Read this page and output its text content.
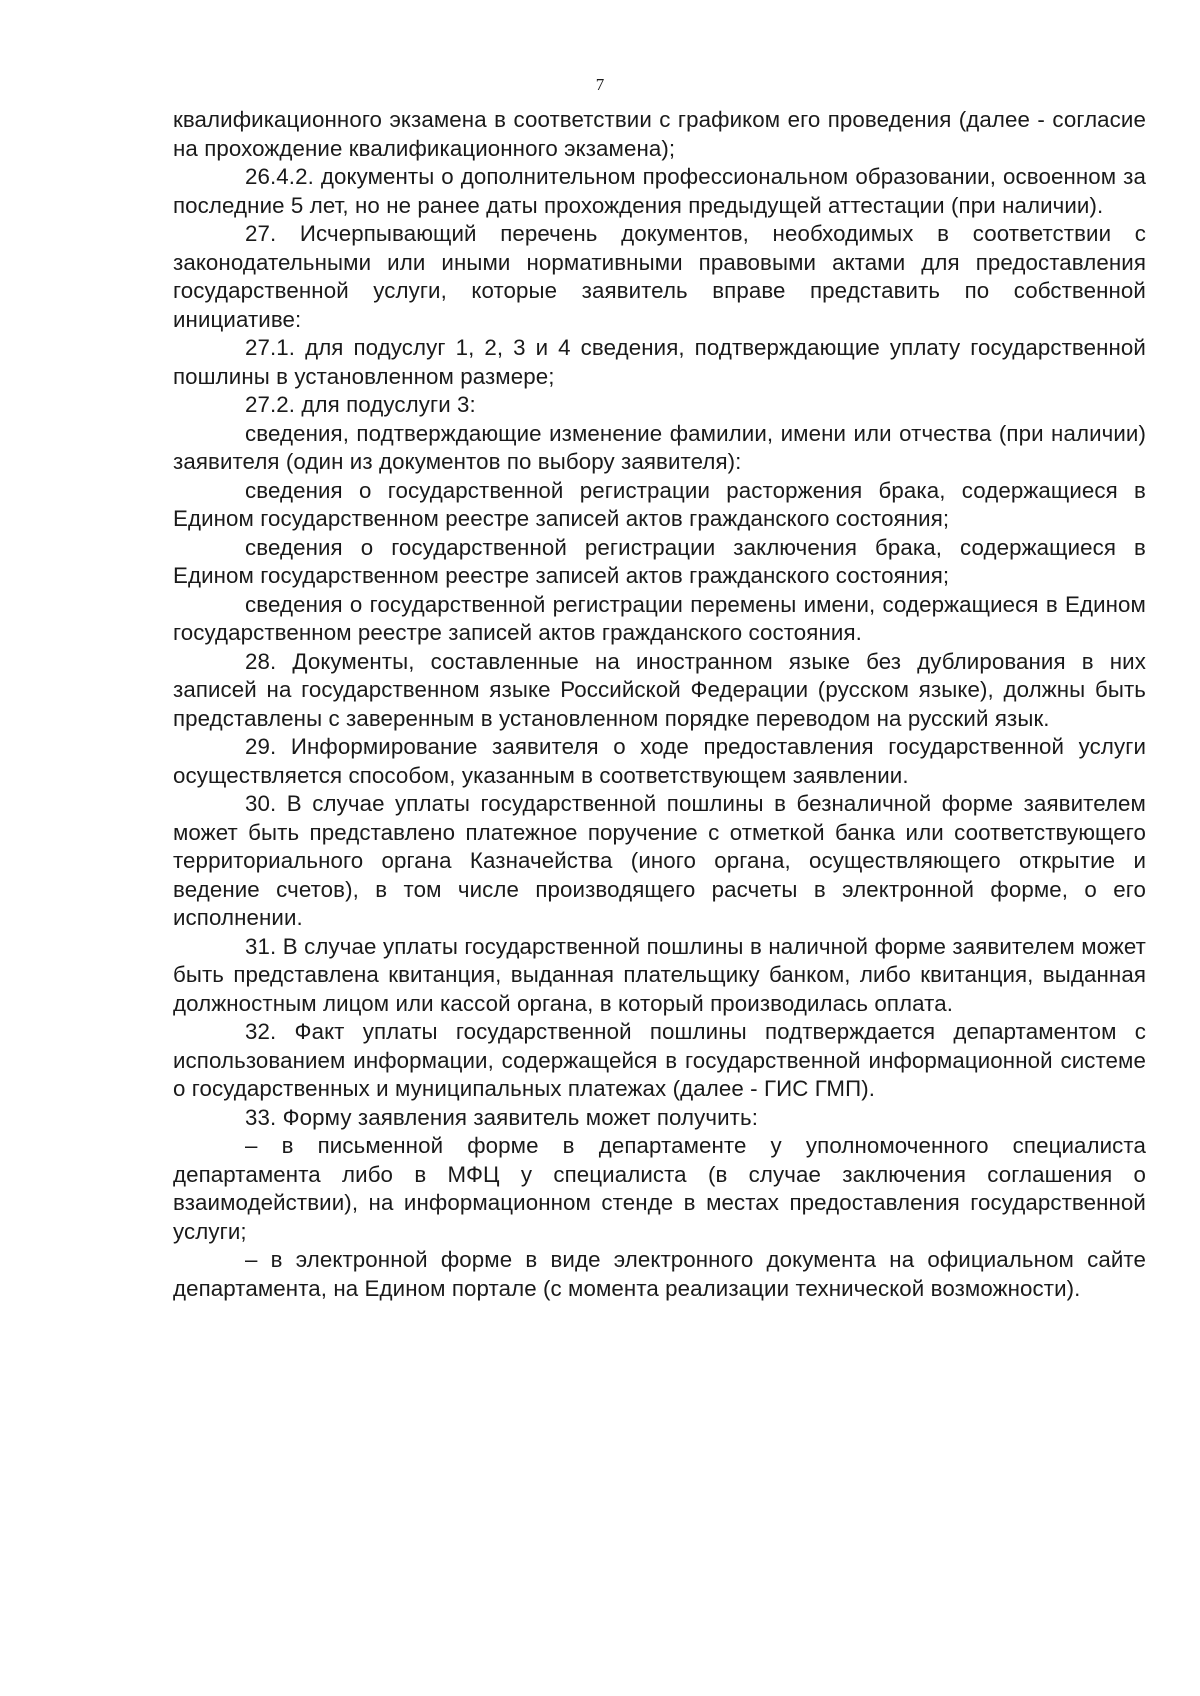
7

квалификационного экзамена в соответствии с графиком его проведения (далее - согласие на прохождение квалификационного экзамена);

26.4.2. документы о дополнительном профессиональном образовании, освоенном за последние 5 лет, но не ранее даты прохождения предыдущей аттестации (при наличии).

27. Исчерпывающий перечень документов, необходимых в соответствии с законодательными или иными нормативными правовыми актами для предоставления государственной услуги, которые заявитель вправе представить по собственной инициативе:

27.1. для подуслуг 1, 2, 3 и 4 сведения, подтверждающие уплату государственной пошлины в установленном размере;

27.2. для подуслуги 3:

сведения, подтверждающие изменение фамилии, имени или отчества (при наличии) заявителя (один из документов по выбору заявителя):

сведения о государственной регистрации расторжения брака, содержащиеся в Едином государственном реестре записей актов гражданского состояния;

сведения о государственной регистрации заключения брака, содержащиеся в Едином государственном реестре записей актов гражданского состояния;

сведения о государственной регистрации перемены имени, содержащиеся в Едином государственном реестре записей актов гражданского состояния.

28. Документы, составленные на иностранном языке без дублирования в них записей на государственном языке Российской Федерации (русском языке), должны быть представлены с заверенным в установленном порядке переводом на русский язык.

29. Информирование заявителя о ходе предоставления государственной услуги осуществляется способом, указанным в соответствующем заявлении.

30. В случае уплаты государственной пошлины в безналичной форме заявителем может быть представлено платежное поручение с отметкой банка или соответствующего территориального органа Казначейства (иного органа, осуществляющего открытие и ведение счетов), в том числе производящего расчеты в электронной форме, о его исполнении.

31. В случае уплаты государственной пошлины в наличной форме заявителем может быть представлена квитанция, выданная плательщику банком, либо квитанция, выданная должностным лицом или кассой органа, в который производилась оплата.

32. Факт уплаты государственной пошлины подтверждается департаментом с использованием информации, содержащейся в государственной информационной системе о государственных и муниципальных платежах (далее - ГИС ГМП).

33. Форму заявления заявитель может получить:

– в письменной форме в департаменте у уполномоченного специалиста департамента либо в МФЦ у специалиста (в случае заключения соглашения о взаимодействии), на информационном стенде в местах предоставления государственной услуги;

– в электронной форме в виде электронного документа на официальном сайте департамента, на Едином портале (с момента реализации технической возможности).
